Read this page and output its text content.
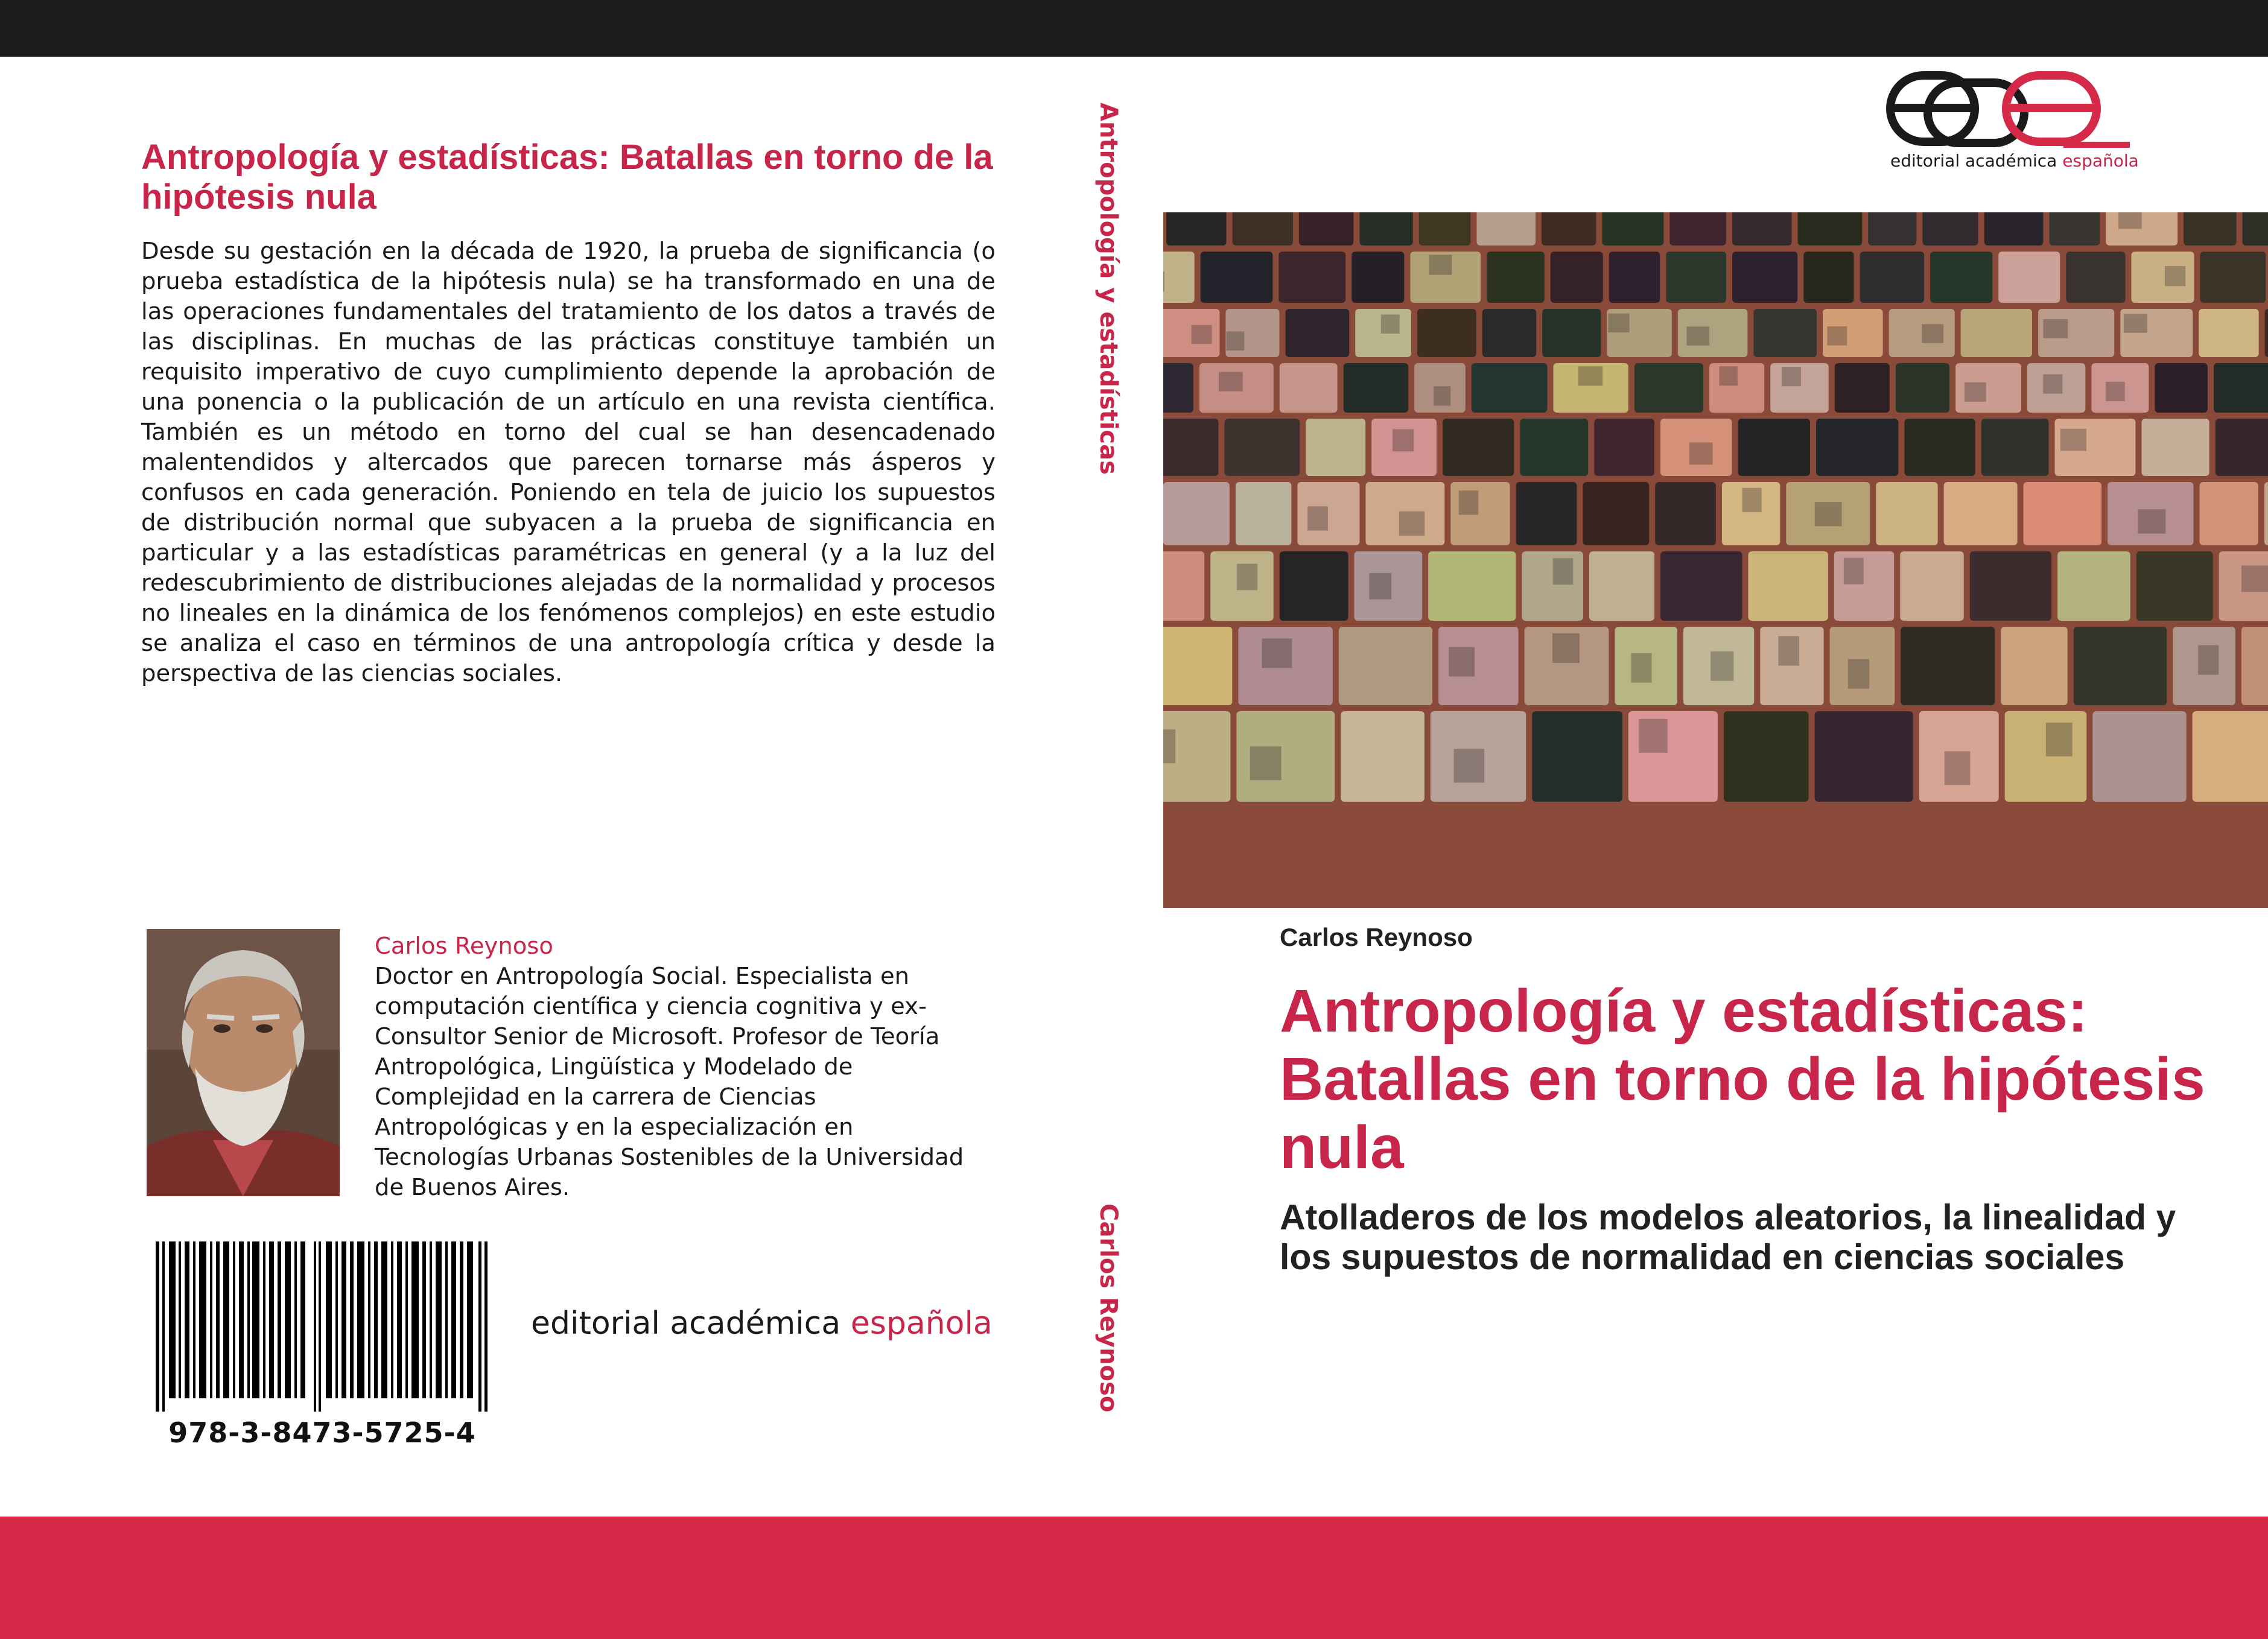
Antropología y estadísticas: Batallas en torno de la hipótesis nula

Desde su gestación en la década de 1920, la prueba de significancia (o prueba estadística de la hipótesis nula) se ha transformado en una de las operaciones fundamentales del tratamiento de los datos a través de las disciplinas. En muchas de las prácticas constituye también un requisito imperativo de cuyo cumplimiento depende la aprobación de una ponencia o la publicación de un artículo en una revista científica. También es un método en torno del cual se han desencadenado malentendidos y altercados que parecen tornarse más ásperos y confusos en cada generación. Poniendo en tela de juicio los supuestos de distribución normal que subyacen a la prueba de significancia en particular y a las estadísticas paramétricas en general (y a la luz del redescubrimiento de distribuciones alejadas de la normalidad y procesos no lineales en la dinámica de los fenómenos complejos) en este estudio se analiza el caso en términos de una antropología crítica y desde la perspectiva de las ciencias sociales.

Carlos Reynoso
Doctor en Antropología Social. Especialista en computación científica y ciencia cognitiva y ex-Consultor Senior de Microsoft. Profesor de Teoría Antropológica, Lingüística y Modelado de Complejidad en la carrera de Ciencias Antropológicas y en la especialización en Tecnologías Urbanas Sostenibles de la Universidad de Buenos Aires.
978-3-8473-5725-4
editorial académica española
Antropología y estadísticas
Carlos Reynoso
editorial académica española
Carlos Reynoso
Antropología y estadísticas: Batallas en torno de la hipótesis nula

Atolladeros de los modelos aleatorios, la linealidad y los supuestos de normalidad en ciencias sociales
